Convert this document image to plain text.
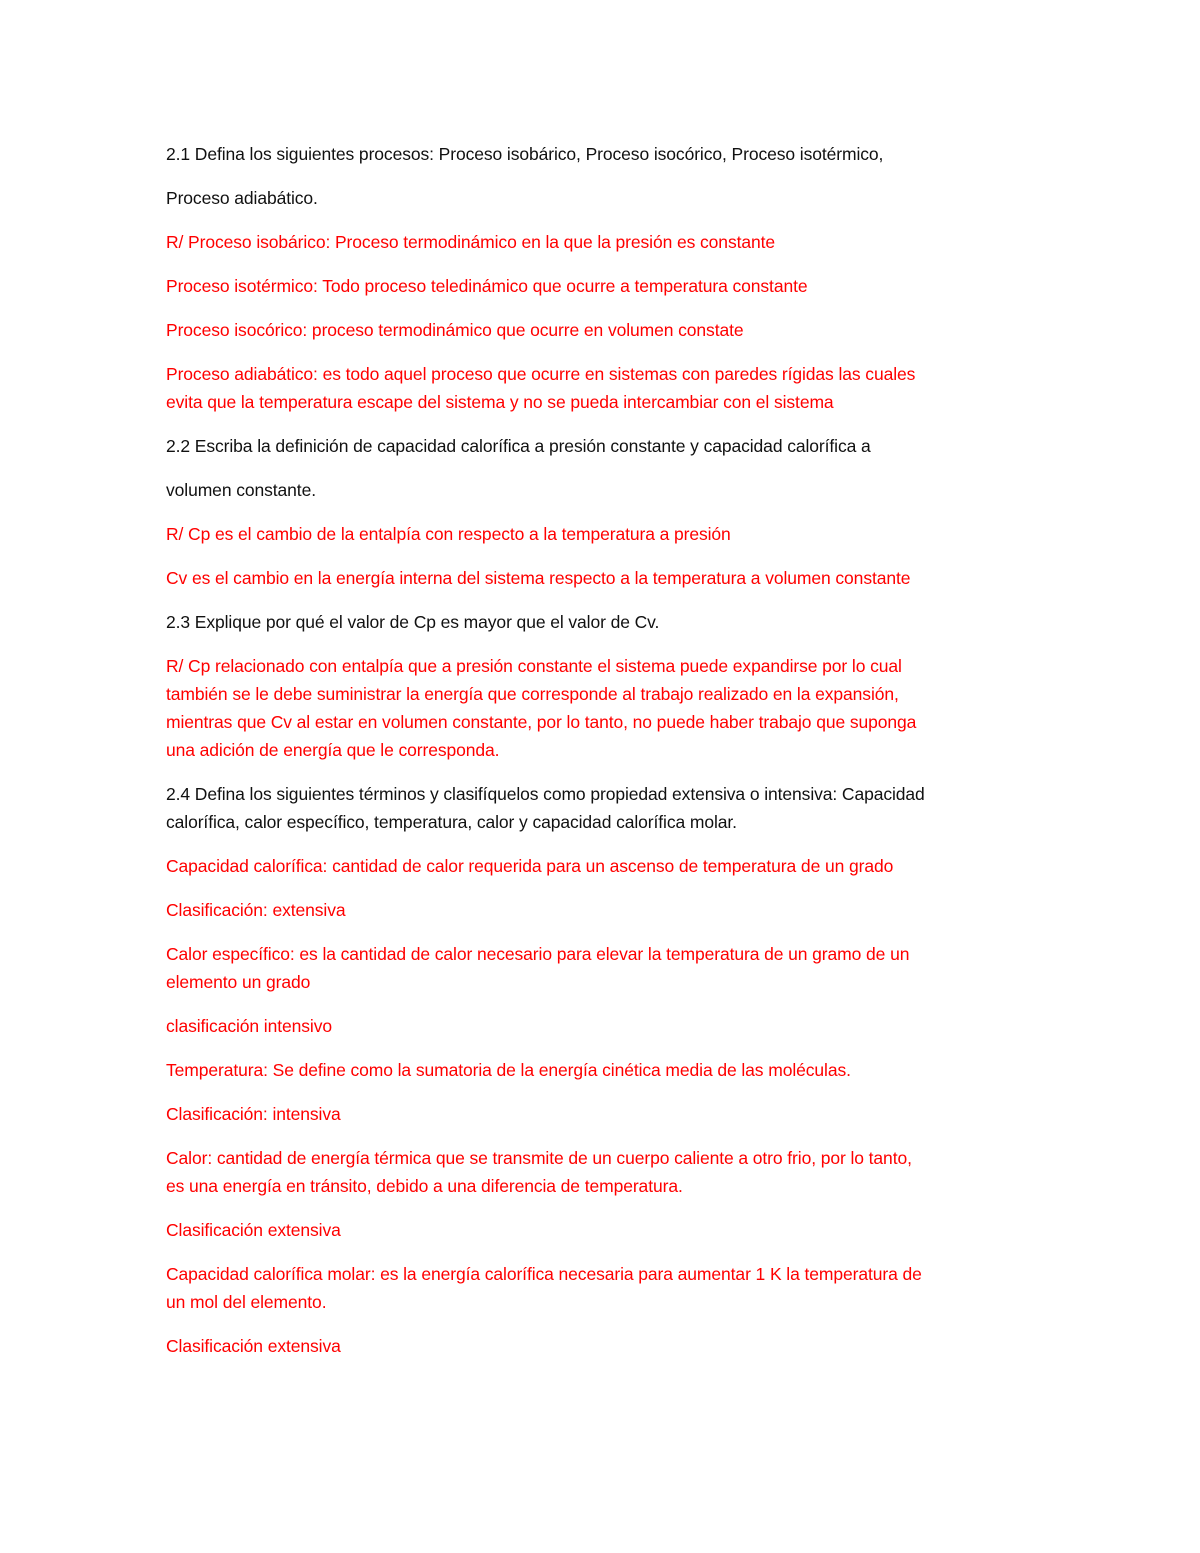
2.1 Defina los siguientes procesos: Proceso isobárico, Proceso isocórico, Proceso isotérmico,

Proceso adiabático.

R/ Proceso isobárico: Proceso termodinámico en la que la presión es constante

Proceso isotérmico: Todo proceso teledinámico que ocurre a temperatura constante

Proceso isocórico: proceso termodinámico que ocurre en volumen constate

Proceso adiabático: es todo aquel proceso que ocurre en sistemas con paredes rígidas las cuales
evita que la temperatura escape del sistema y no se pueda intercambiar con el sistema

2.2 Escriba la definición de capacidad calorífica a presión constante y capacidad calorífica a

volumen constante.

R/ Cp es el cambio de la entalpía con respecto a la temperatura a presión

Cv es el cambio en la energía interna del sistema respecto a la temperatura a volumen constante

2.3 Explique por qué el valor de Cp es mayor que el valor de Cv.

R/ Cp relacionado con entalpía que a presión constante el sistema puede expandirse por lo cual
también se le debe suministrar la energía que corresponde al trabajo realizado en la expansión,
mientras que Cv al estar en volumen constante, por lo tanto, no puede haber trabajo que suponga
una adición de energía que le corresponda.

2.4 Defina los siguientes términos y clasifíquelos como propiedad extensiva o intensiva: Capacidad
calorífica, calor específico, temperatura, calor y capacidad calorífica molar.

Capacidad calorífica: cantidad de calor requerida para un ascenso de temperatura de un grado

Clasificación: extensiva

Calor específico: es la cantidad de calor necesario para elevar la temperatura de un gramo de un
elemento un grado

clasificación intensivo

Temperatura: Se define como la sumatoria de la energía cinética media de las moléculas.

Clasificación: intensiva

Calor: cantidad de energía térmica que se transmite de un cuerpo caliente a otro frio, por lo tanto,
es una energía en tránsito, debido a una diferencia de temperatura.

Clasificación extensiva

Capacidad calorífica molar: es la energía calorífica necesaria para aumentar 1 K la temperatura de
un mol del elemento.

Clasificación extensiva
